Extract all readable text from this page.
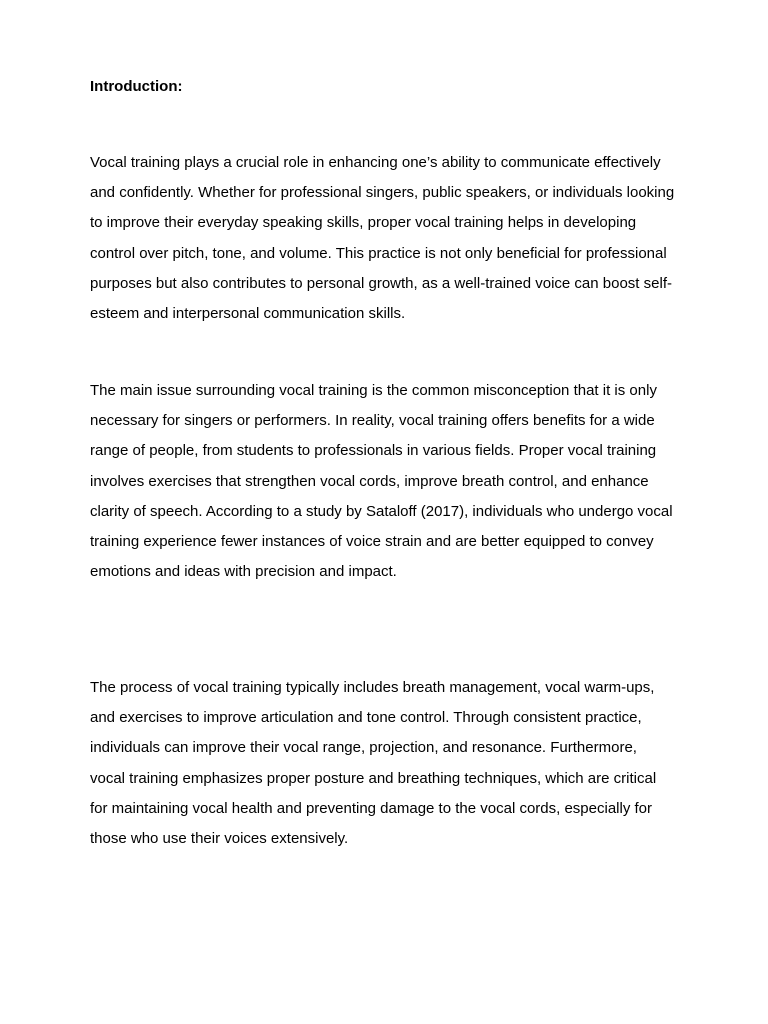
Introduction:

Vocal training plays a crucial role in enhancing one’s ability to communicate effectively
and confidently. Whether for professional singers, public speakers, or individuals looking
to improve their everyday speaking skills, proper vocal training helps in developing
control over pitch, tone, and volume. This practice is not only beneficial for professional
purposes but also contributes to personal growth, as a well-trained voice can boost self-
esteem and interpersonal communication skills.

The main issue surrounding vocal training is the common misconception that it is only
necessary for singers or performers. In reality, vocal training offers benefits for a wide
range of people, from students to professionals in various fields. Proper vocal training
involves exercises that strengthen vocal cords, improve breath control, and enhance
clarity of speech. According to a study by Sataloff (2017), individuals who undergo vocal
training experience fewer instances of voice strain and are better equipped to convey
emotions and ideas with precision and impact.

The process of vocal training typically includes breath management, vocal warm-ups,
and exercises to improve articulation and tone control. Through consistent practice,
individuals can improve their vocal range, projection, and resonance. Furthermore,
vocal training emphasizes proper posture and breathing techniques, which are critical
for maintaining vocal health and preventing damage to the vocal cords, especially for
those who use their voices extensively.
